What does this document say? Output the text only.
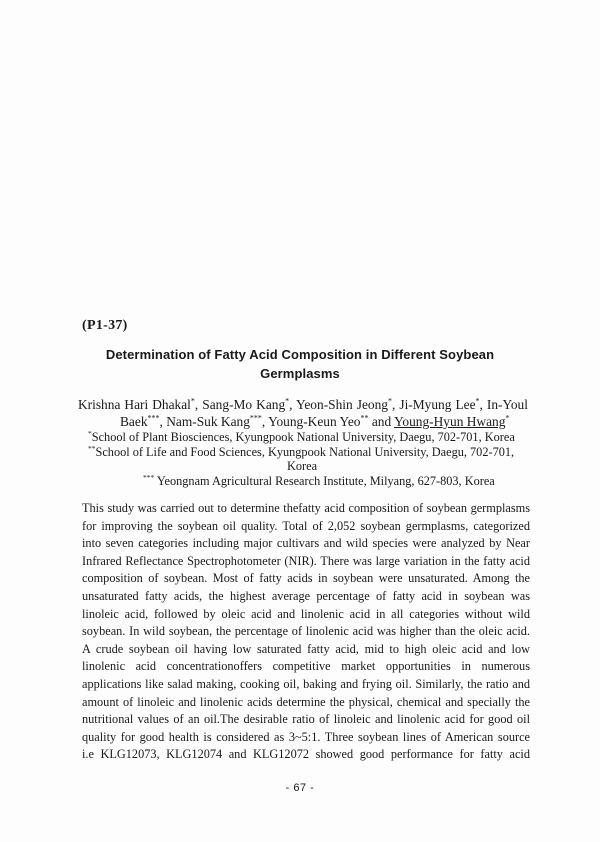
(P1-37)
Determination of Fatty Acid Composition in Different Soybean
Germplasms
Krishna Hari Dhakal*, Sang-Mo Kang*, Yeon-Shin Jeong*, Ji-Myung Lee*, In-Youl
Baek***, Nam-Suk Kang***, Young-Keun Yeo** and Young-Hyun Hwang*
*School of Plant Biosciences, Kyungpook National University, Daegu, 702-701, Korea
**School of Life and Food Sciences, Kyungpook National University, Daegu, 702-701,
Korea
*** Yeongnam Agricultural Research Institute, Milyang, 627-803, Korea
This study was carried out to determine thefatty acid composition of soybean germplasms
for improving the soybean oil quality. Total of 2,052 soybean germplasms, categorized
into seven categories including major cultivars and wild species were analyzed by Near
Infrared Reflectance Spectrophotometer (NIR). There was large variation in the fatty acid
composition of soybean. Most of fatty acids in soybean were unsaturated. Among the
unsaturated fatty acids, the highest average percentage of fatty acid in soybean was
linoleic acid, followed by oleic acid and linolenic acid in all categories without wild
soybean. In wild soybean, the percentage of linolenic acid was higher than the oleic acid.
A crude soybean oil having low saturated fatty acid, mid to high oleic acid and low
linolenic acid concentrationoffers competitive market opportunities in numerous
applications like salad making, cooking oil, baking and frying oil. Similarly, the ratio and
amount of linoleic and linolenic acids determine the physical, chemical and specially the
nutritional values of an oil.The desirable ratio of linoleic and linolenic acid for good oil
quality for good health is considered as 3~5:1. Three soybean lines of American source
i.e KLG12073, KLG12074 and KLG12072 showed good performance for fatty acid
- 67 -
